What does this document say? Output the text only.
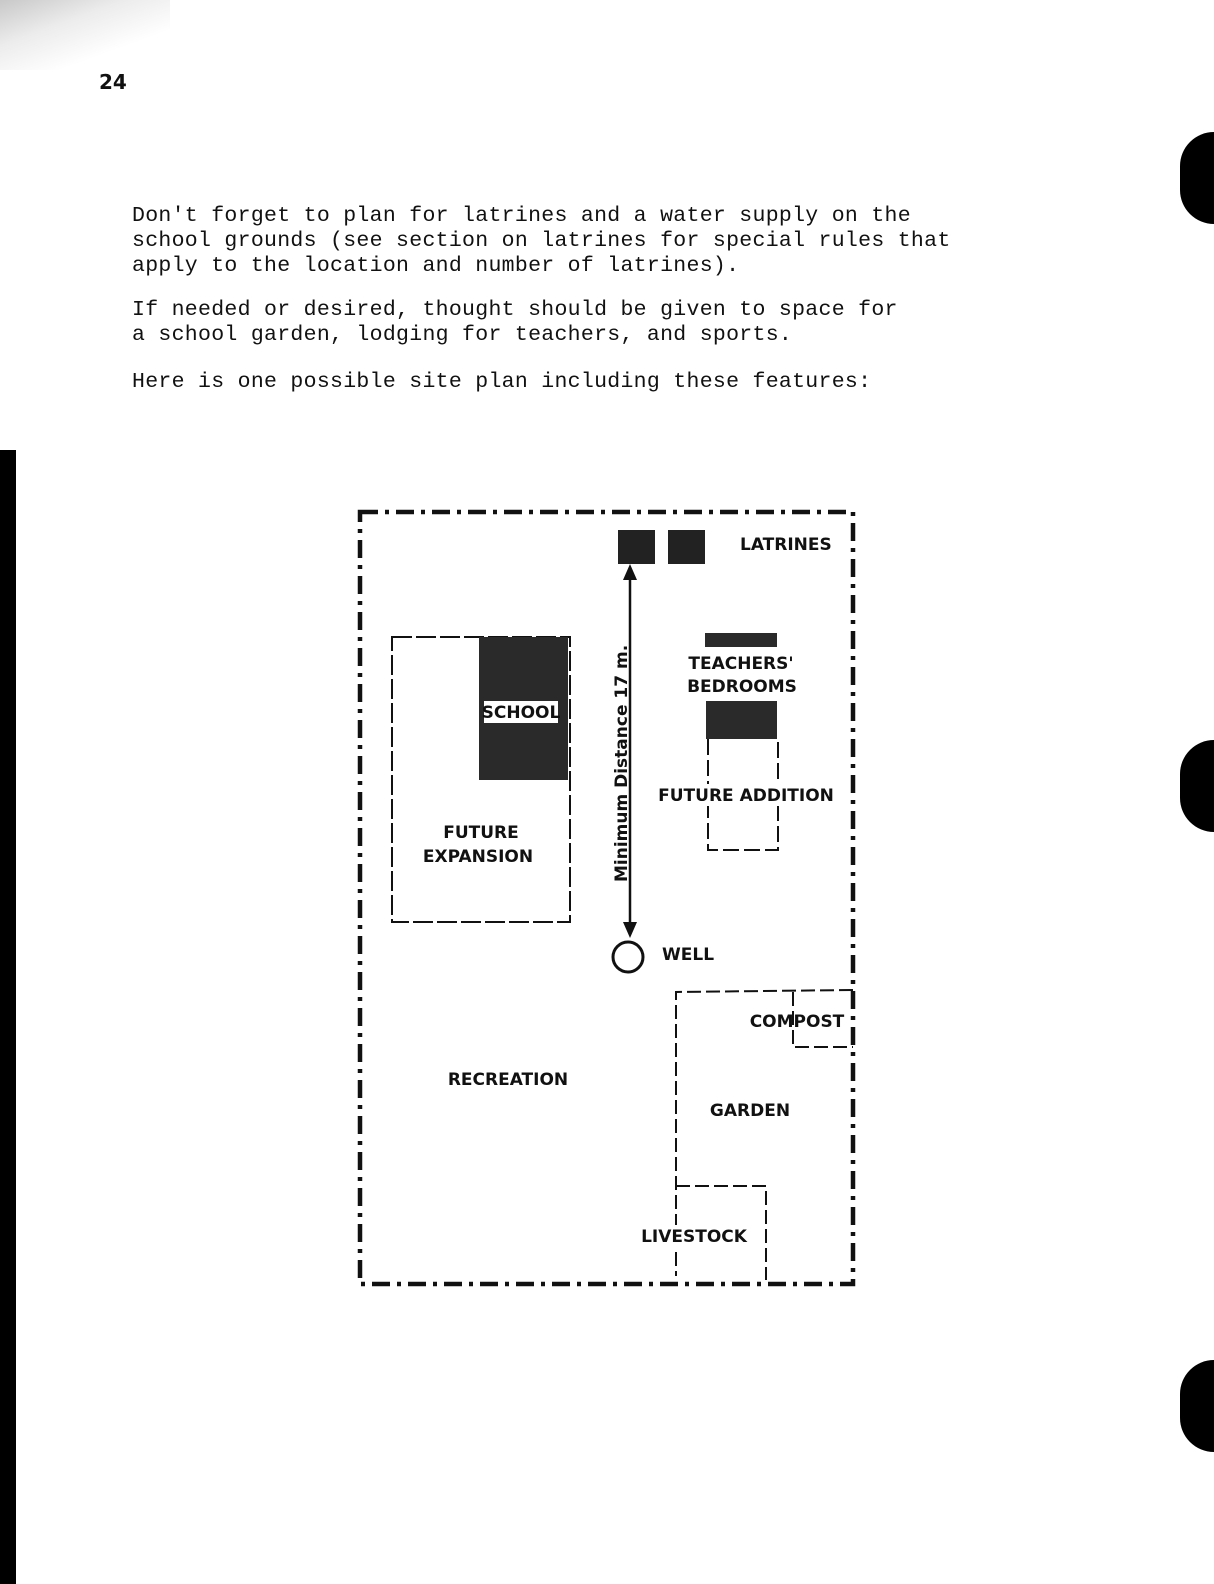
24

Don't forget to plan for latrines and a water supply on the
school grounds (see section on latrines for special rules that
apply to the location and number of latrines).

If needed or desired, thought should be given to space for
a school garden, lodging for teachers, and sports.

Here is one possible site plan including these features:

LATRINES
FUTURE
EXPANSION
SCHOOL	Minimum Distance 17 m.
WELL
TEACHERS'
BEDROOMS
FUTURE ADDITION
COMPOST
GARDEN
LIVESTOCK
RECREATION
